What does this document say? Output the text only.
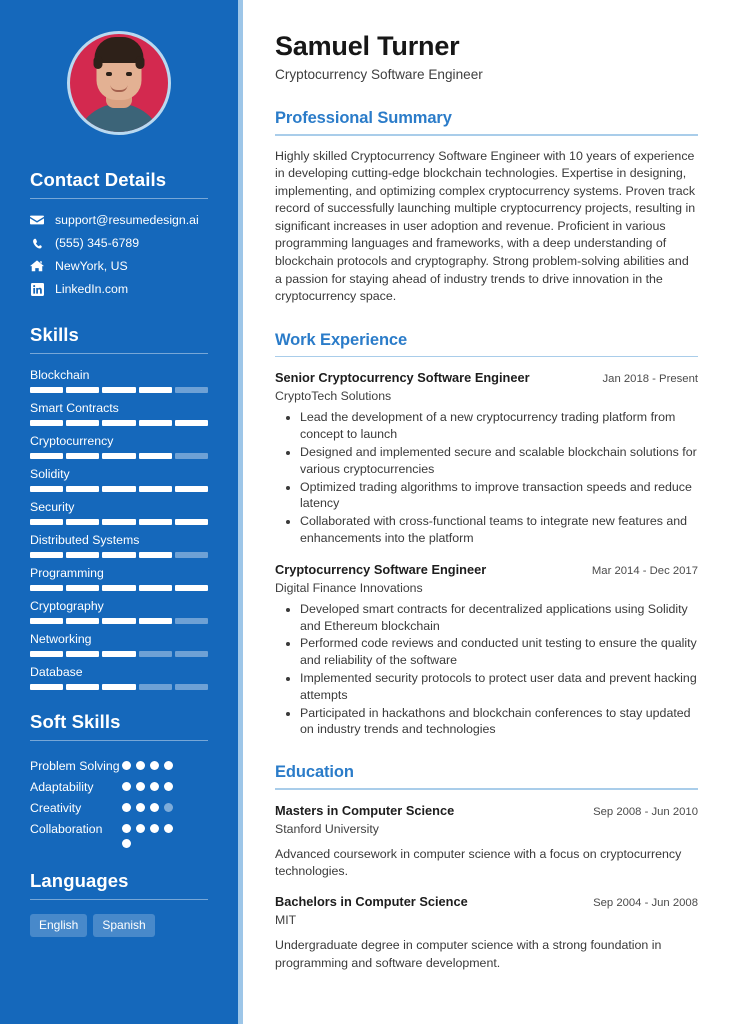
Contact Details
support@resumedesign.ai
(555) 345-6789
NewYork, US
LinkedIn.com
Skills
Blockchain
Smart Contracts
Cryptocurrency
Solidity
Security
Distributed Systems
Programming
Cryptography
Networking
Database
Soft Skills
Problem Solving
Adaptability
Creativity
Collaboration
Languages
English	Spanish
Samuel Turner
Cryptocurrency Software Engineer
Professional Summary

Highly skilled Cryptocurrency Software Engineer with 10 years of experience in developing cutting-edge blockchain technologies. Expertise in designing, implementing, and optimizing complex cryptocurrency systems. Proven track record of successfully launching multiple cryptocurrency projects, resulting in significant increases in user adoption and revenue. Proficient in various programming languages and frameworks, with a deep understanding of blockchain protocols and cryptography. Strong problem-solving abilities and a passion for staying ahead of industry trends to drive innovation in the cryptocurrency space.

Work Experience
Senior Cryptocurrency Software Engineer	Jan 2018 - Present
CryptoTech Solutions
• Lead the development of a new cryptocurrency trading platform from concept to launch
• Designed and implemented secure and scalable blockchain solutions for various cryptocurrencies
• Optimized trading algorithms to improve transaction speeds and reduce latency
• Collaborated with cross-functional teams to integrate new features and enhancements into the platform
Cryptocurrency Software Engineer	Mar 2014 - Dec 2017
Digital Finance Innovations
• Developed smart contracts for decentralized applications using Solidity and Ethereum blockchain
• Performed code reviews and conducted unit testing to ensure the quality and reliability of the software
• Implemented security protocols to protect user data and prevent hacking attempts
• Participated in hackathons and blockchain conferences to stay updated on industry trends and technologies
Education
Masters in Computer Science	Sep 2008 - Jun 2010
Stanford University
Advanced coursework in computer science with a focus on cryptocurrency technologies.
Bachelors in Computer Science	Sep 2004 - Jun 2008
MIT
Undergraduate degree in computer science with a strong foundation in programming and software development.
